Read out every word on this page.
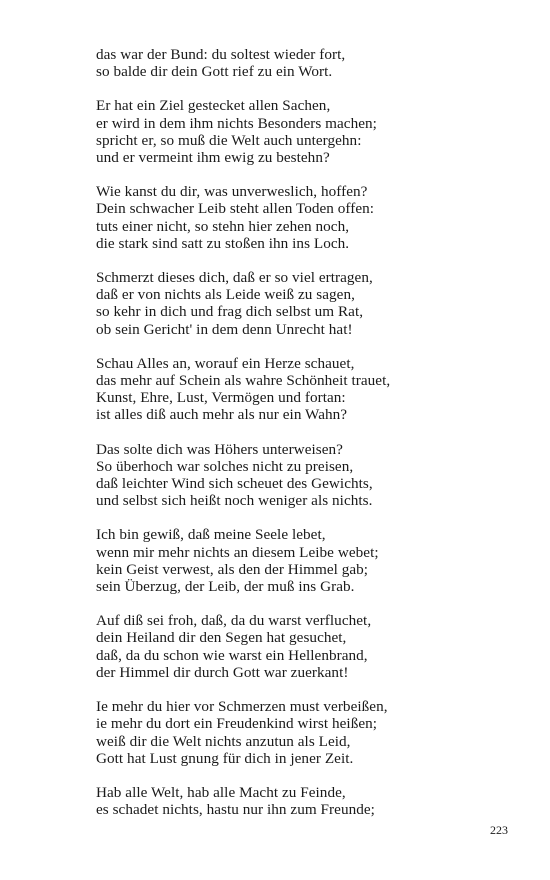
das war der Bund: du soltest wieder fort,
so balde dir dein Gott rief zu ein Wort.
Er hat ein Ziel gestecket allen Sachen,
er wird in dem ihm nichts Besonders machen;
spricht er, so muß die Welt auch untergehn:
und er vermeint ihm ewig zu bestehn?
Wie kanst du dir, was unverweslich, hoffen?
Dein schwacher Leib steht allen Toden offen:
tuts einer nicht, so stehn hier zehen noch,
die stark sind satt zu stoßen ihn ins Loch.
Schmerzt dieses dich, daß er so viel ertragen,
daß er von nichts als Leide weiß zu sagen,
so kehr in dich und frag dich selbst um Rat,
ob sein Gericht' in dem denn Unrecht hat!
Schau Alles an, worauf ein Herze schauet,
das mehr auf Schein als wahre Schönheit trauet,
Kunst, Ehre, Lust, Vermögen und fortan:
ist alles diß auch mehr als nur ein Wahn?
Das solte dich was Höhers unterweisen?
So überhoch war solches nicht zu preisen,
daß leichter Wind sich scheuet des Gewichts,
und selbst sich heißt noch weniger als nichts.
Ich bin gewiß, daß meine Seele lebet,
wenn mir mehr nichts an diesem Leibe webet;
kein Geist verwest, als den der Himmel gab;
sein Überzug, der Leib, der muß ins Grab.
Auf diß sei froh, daß, da du warst verfluchet,
dein Heiland dir den Segen hat gesuchet,
daß, da du schon wie warst ein Hellenbrand,
der Himmel dir durch Gott war zuerkant!
Ie mehr du hier vor Schmerzen must verbeißen,
ie mehr du dort ein Freudenkind wirst heißen;
weiß dir die Welt nichts anzutun als Leid,
Gott hat Lust gnung für dich in jener Zeit.
Hab alle Welt, hab alle Macht zu Feinde,
es schadet nichts, hastu nur ihn zum Freunde;
223
